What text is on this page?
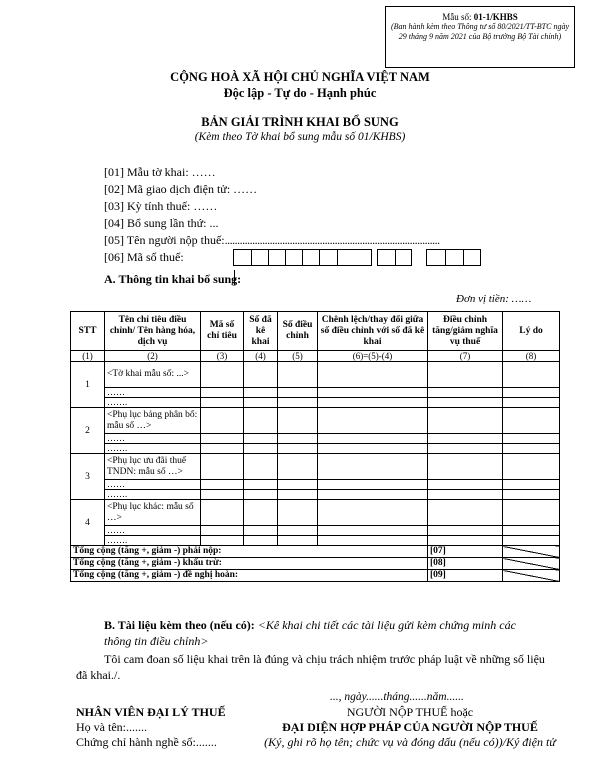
Mẫu số: 01-1/KHBS
(Ban hành kèm theo Thông tư số 80/2021/TT-BTC ngày 29 tháng 9 năm 2021 của Bộ trưởng Bộ Tài chính)
CỘNG HOÀ XÃ HỘI CHỦ NGHĨA VIỆT NAM
Độc lập - Tự do - Hạnh phúc
BẢN GIẢI TRÌNH KHAI BỔ SUNG
(Kèm theo Tờ khai bổ sung mẫu số 01/KHBS)
[01] Mẫu tờ khai: ……
[02] Mã giao dịch điện tử: ……
[03] Kỳ tính thuế: ……
[04] Bổ sung lần thứ: ...
[05] Tên người nộp thuế:......................................................................................
[06] Mã số thuế:
A. Thông tin khai bổ sung:
Đơn vị tiền: ……
STT	Tên chỉ tiêu điều chỉnh/ Tên hàng hóa, dịch vụ	Mã số chỉ tiêu	Số đã kê khai	Số điều chỉnh	Chênh lệch/thay đổi giữa số điều chỉnh với số đã kê khai	Điều chỉnh tăng/giảm nghĩa vụ thuế	Lý do
(1)	(2)	(3)	(4)	(5)	(6)=(5)-(4)	(7)	(8)
1	<Tờ khai mẫu số: ...>						
	……						
	…….						
2	<Phụ lục bảng phân bổ: mẫu số …>						
	……						
	…….						
3	<Phụ lục ưu đãi thuế TNDN: mẫu số …>						
	……						
	…….						
4	<Phụ lục khác: mẫu số …>						
	……						
	…….						
Tổng cộng (tăng +, giảm -) phải nộp:						[07]	
Tổng cộng (tăng +, giảm -) khấu trừ:						[08]	
Tổng cộng (tăng +, giảm -) đề nghị hoàn:						[09]	
B. Tài liệu kèm theo (nếu có): <Kê khai chi tiết các tài liệu gửi kèm chứng minh các thông tin điều chỉnh>
Tôi cam đoan số liệu khai trên là đúng và chịu trách nhiệm trước pháp luật về những số liệu đã khai./.
..., ngày......tháng......năm......
NHÂN VIÊN ĐẠI LÝ THUẾ
Họ và tên:.......
Chứng chỉ hành nghề số:.......
NGƯỜI NỘP THUẾ hoặc
ĐẠI DIỆN HỢP PHÁP CỦA NGƯỜI NỘP THUẾ
(Ký, ghi rõ họ tên; chức vụ và đóng dấu (nếu có))/Ký điện tử
